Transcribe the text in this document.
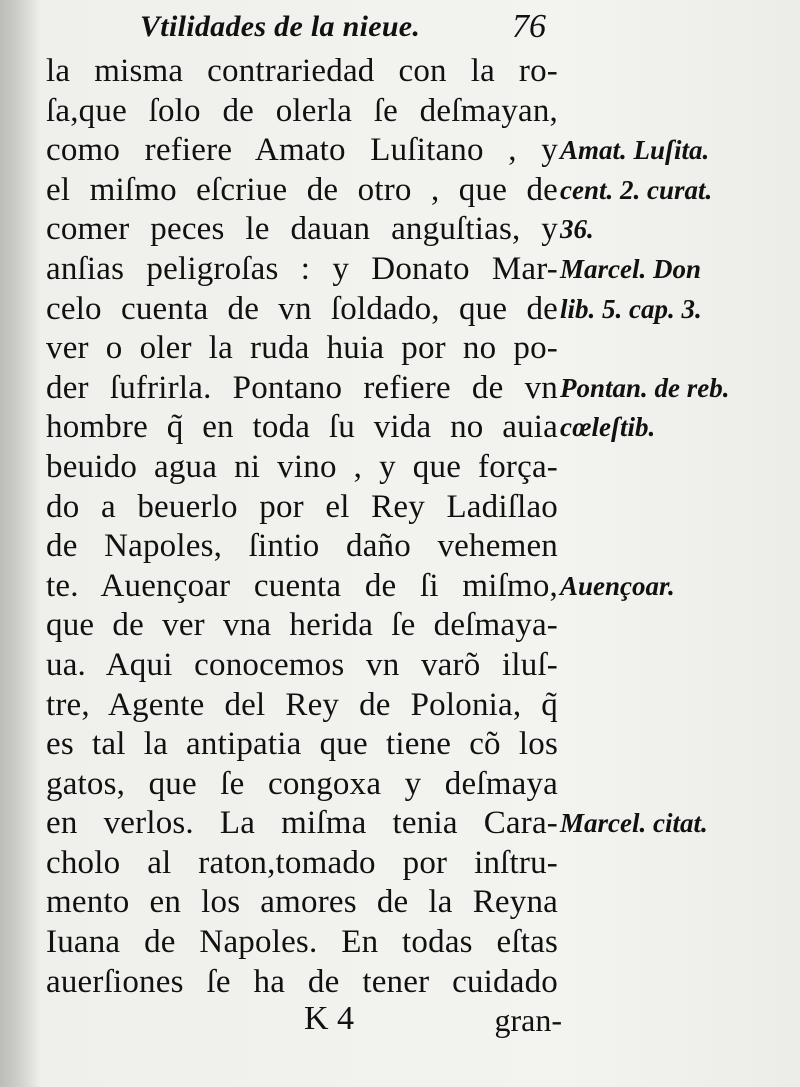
Vtilidades de la nieue.	76
la misma contrariedad con la ro-
ſa,que ſolo de olerla ſe deſmayan,
como refiere Amato Luſitano , y
el miſmo eſcriue de otro , que de
comer peces le dauan anguſtias, y
anſias peligroſas : y Donato Mar-
celo cuenta de vn ſoldado, que de
ver o oler la ruda huia por no po-
der ſufrirla. Pontano refiere de vn
hombre q̃ en toda ſu vida no auia
beuido agua ni vino , y que força-
do a beuerlo por el Rey Ladiſlao
de Napoles, ſintio daño vehemen
te. Auençoar cuenta de ſi miſmo,
que de ver vna herida ſe deſmaya-
ua. Aqui conocemos vn varõ iluſ-
tre, Agente del Rey de Polonia, q̃
es tal la antipatia que tiene cõ los
gatos, que ſe congoxa y deſmaya
en verlos. La miſma tenia Cara-
cholo al raton,tomado por inſtru-
mento en los amores de la Reyna
Iuana de Napoles. En todas eſtas
auerſiones ſe ha de tener cuidado
Amat. Luſita.
cent. 2. curat.
36.
Marcel. Don
lib. 5. cap. 3.
Pontan. de reb.
cœleſtib.
Auençoar.
Marcel. citat.
K 4	gran-
